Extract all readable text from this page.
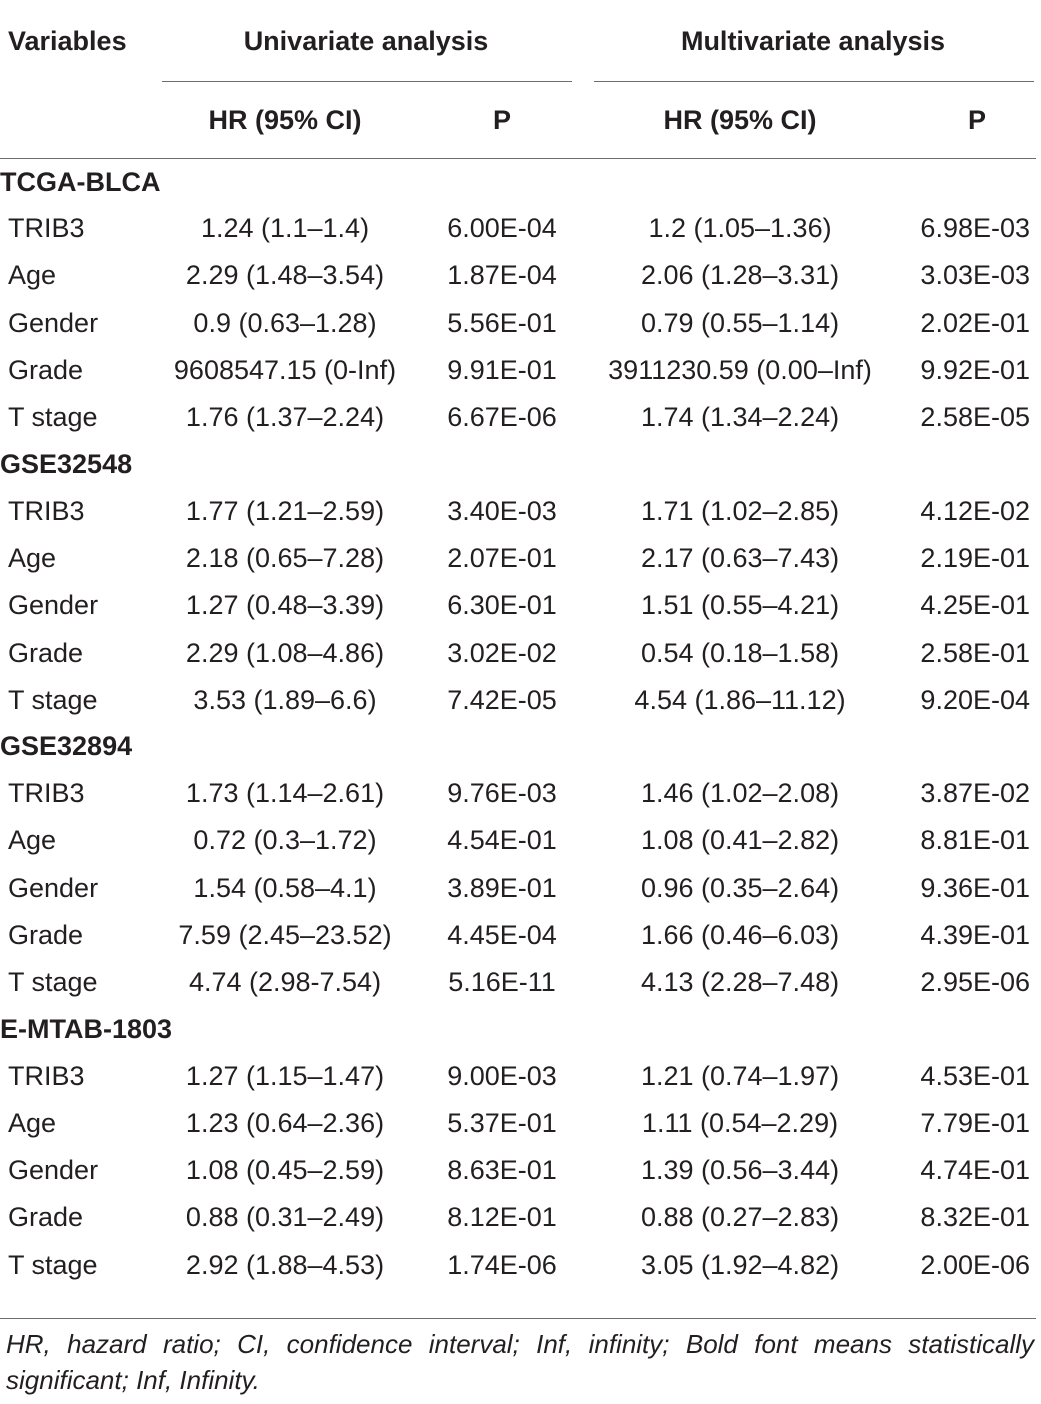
Variables	Univariate analysis			Multivariate analysis	

	HR (95% CI)	P		HR (95% CI)	P
TCGA-BLCA					
TRIB3	1.24 (1.1–1.4)	6.00E-04		1.2 (1.05–1.36)	6.98E-03
Age	2.29 (1.48–3.54)	1.87E-04		2.06 (1.28–3.31)	3.03E-03
Gender	0.9 (0.63–1.28)	5.56E-01		0.79 (0.55–1.14)	2.02E-01
Grade	9608547.15 (0-Inf)	9.91E-01		3911230.59 (0.00–Inf)	9.92E-01
T stage	1.76 (1.37–2.24)	6.67E-06		1.74 (1.34–2.24)	2.58E-05
GSE32548					
TRIB3	1.77 (1.21–2.59)	3.40E-03		1.71 (1.02–2.85)	4.12E-02
Age	2.18 (0.65–7.28)	2.07E-01		2.17 (0.63–7.43)	2.19E-01
Gender	1.27 (0.48–3.39)	6.30E-01		1.51 (0.55–4.21)	4.25E-01
Grade	2.29 (1.08–4.86)	3.02E-02		0.54 (0.18–1.58)	2.58E-01
T stage	3.53 (1.89–6.6)	7.42E-05		4.54 (1.86–11.12)	9.20E-04
GSE32894					
TRIB3	1.73 (1.14–2.61)	9.76E-03		1.46 (1.02–2.08)	3.87E-02
Age	0.72 (0.3–1.72)	4.54E-01		1.08 (0.41–2.82)	8.81E-01
Gender	1.54 (0.58–4.1)	3.89E-01		0.96 (0.35–2.64)	9.36E-01
Grade	7.59 (2.45–23.52)	4.45E-04		1.66 (0.46–6.03)	4.39E-01
T stage	4.74 (2.98-7.54)	5.16E-11		4.13 (2.28–7.48)	2.95E-06
E-MTAB-1803					
TRIB3	1.27 (1.15–1.47)	9.00E-03		1.21 (0.74–1.97)	4.53E-01
Age	1.23 (0.64–2.36)	5.37E-01		1.11 (0.54–2.29)	7.79E-01
Gender	1.08 (0.45–2.59)	8.63E-01		1.39 (0.56–3.44)	4.74E-01
Grade	0.88 (0.31–2.49)	8.12E-01		0.88 (0.27–2.83)	8.32E-01
T stage	2.92 (1.88–4.53)	1.74E-06		3.05 (1.92–4.82)	2.00E-06
HR, hazard ratio; CI, confidence interval; Inf, infinity; Bold font means statistically significant; Inf, Infinity.
